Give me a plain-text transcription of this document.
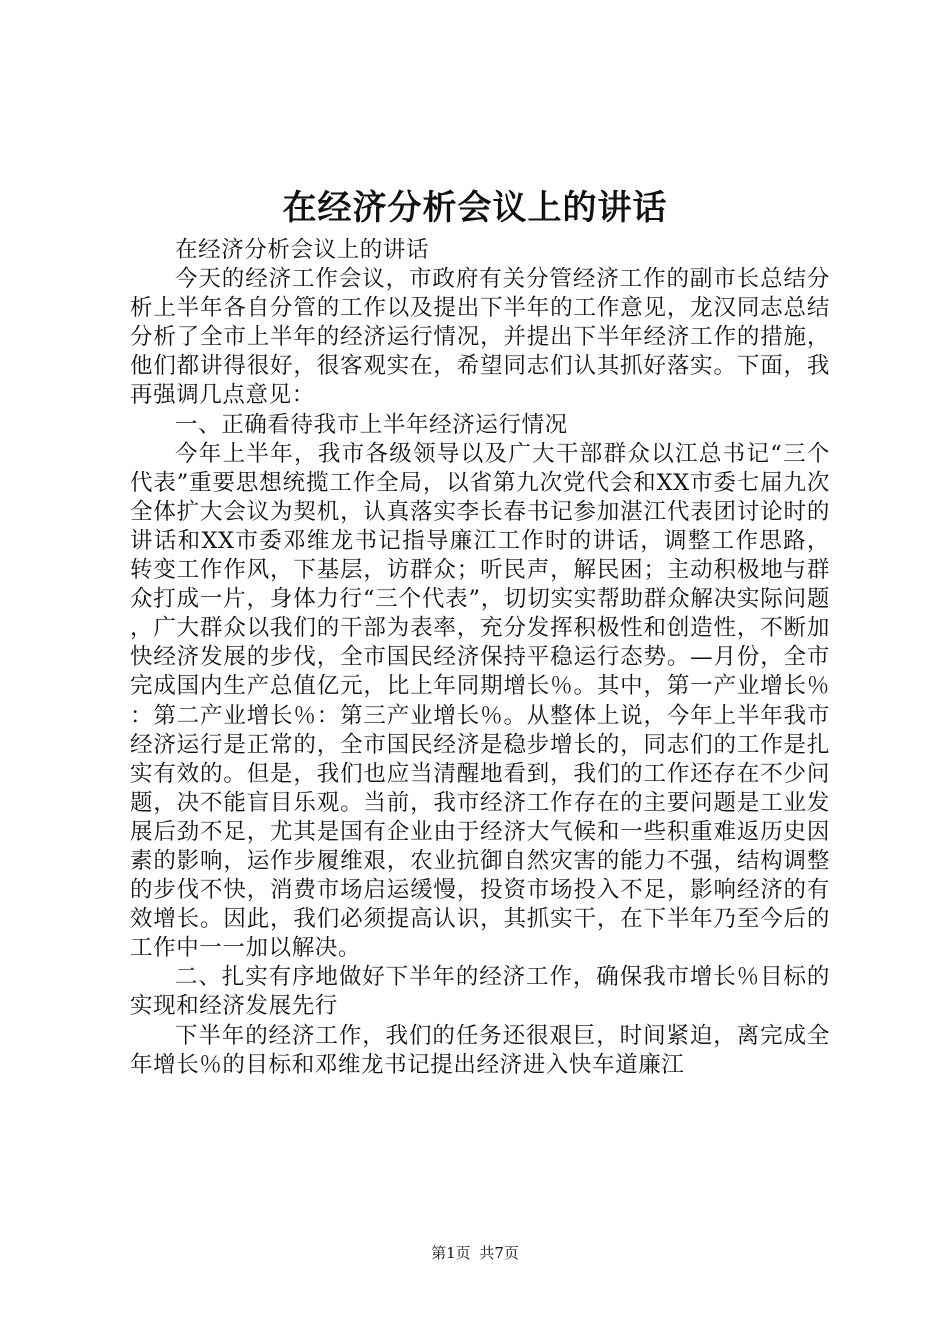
在经济分析会议上的讲话

在经济分析会议上的讲话

今天的经济工作会议，市政府有关分管经济工作的副市长总结分析上半年各自分管的工作以及提出下半年的工作意见，龙汉同志总结分析了全市上半年的经济运行情况，并提出下半年经济工作的措施，他们都讲得很好，很客观实在，希望同志们认其抓好落实。下面，我再强调几点意见：

一、正确看待我市上半年经济运行情况

今年上半年，我市各级领导以及广大干部群众以江总书记“三个代表”重要思想统揽工作全局，以省第九次党代会和XX市委七届九次全体扩大会议为契机，认真落实李长春书记参加湛江代表团讨论时的讲话和XX市委邓维龙书记指导廉江工作时的讲话，调整工作思路，转变工作作风，下基层，访群众；听民声，解民困；主动积极地与群众打成一片，身体力行“三个代表”，切切实实帮助群众解决实际问题，广大群众以我们的干部为表率，充分发挥积极性和创造性，不断加快经济发展的步伐，全市国民经济保持平稳运行态势。—月份，全市完成国内生产总值亿元，比上年同期增长％。其中，第一产业增长％：第二产业增长％：第三产业增长％。从整体上说，今年上半年我市经济运行是正常的，全市国民经济是稳步增长的，同志们的工作是扎实有效的。但是，我们也应当清醒地看到，我们的工作还存在不少问题，决不能盲目乐观。当前，我市经济工作存在的主要问题是工业发展后劲不足，尤其是国有企业由于经济大气候和一些积重难返历史因素的影响，运作步履维艰，农业抗御自然灾害的能力不强，结构调整的步伐不快，消费市场启运缓慢，投资市场投入不足，影响经济的有效增长。因此，我们必须提高认识，其抓实干，在下半年乃至今后的工作中一一加以解决。

二、扎实有序地做好下半年的经济工作，确保我市增长％目标的实现和经济发展先行

下半年的经济工作，我们的任务还很艰巨，时间紧迫，离完成全年增长％的目标和邓维龙书记提出经济进入快车道廉江

第1页 共7页
